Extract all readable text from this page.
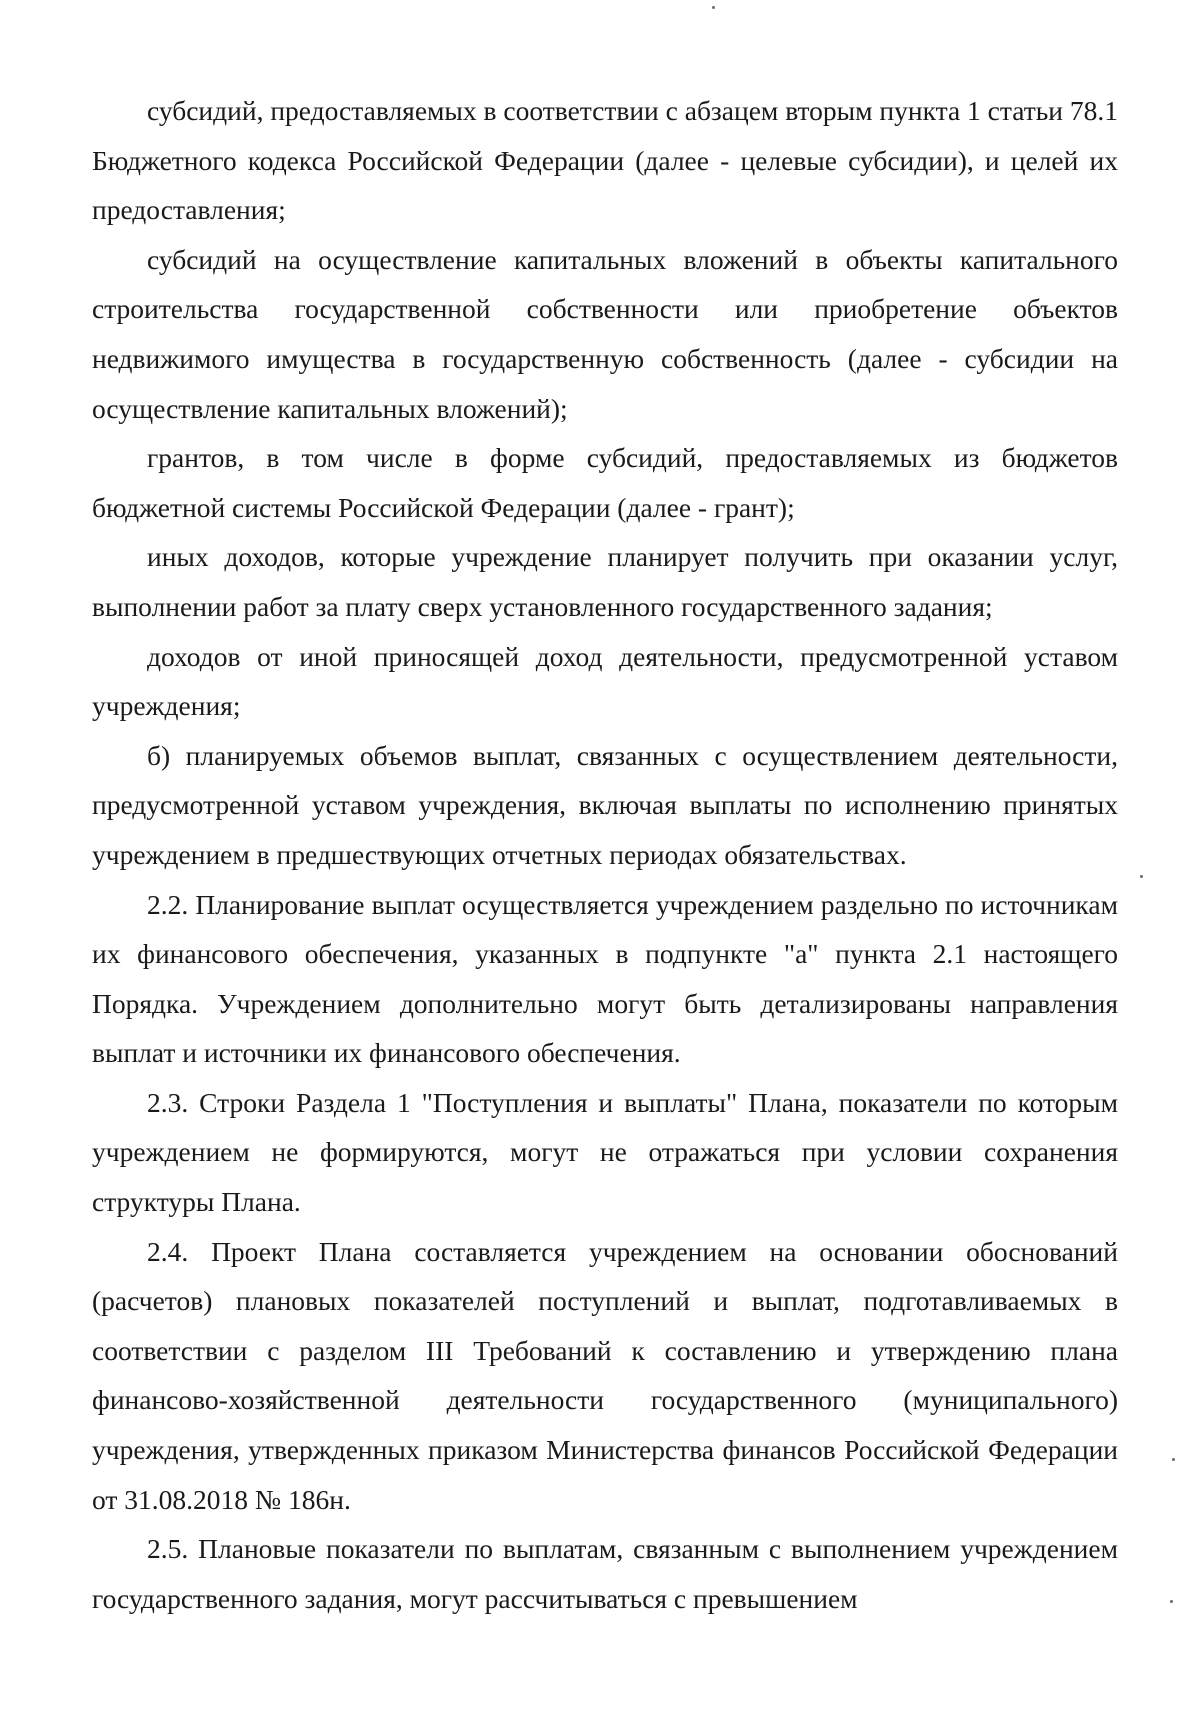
субсидий, предоставляемых в соответствии с абзацем вторым пункта 1 статьи 78.1 Бюджетного кодекса Российской Федерации (далее - целевые субсидии), и целей их предоставления;

субсидий на осуществление капитальных вложений в объекты капитального строительства государственной собственности или приобретение объектов недвижимого имущества в государственную собственность (далее - субсидии на осуществление капитальных вложений);

грантов, в том числе в форме субсидий, предоставляемых из бюджетов бюджетной системы Российской Федерации (далее - грант);

иных доходов, которые учреждение планирует получить при оказании услуг, выполнении работ за плату сверх установленного государственного задания;

доходов от иной приносящей доход деятельности, предусмотренной уставом учреждения;

б) планируемых объемов выплат, связанных с осуществлением деятельности, предусмотренной уставом учреждения, включая выплаты по исполнению принятых учреждением в предшествующих отчетных периодах обязательствах.

2.2. Планирование выплат осуществляется учреждением раздельно по источникам их финансового обеспечения, указанных в подпункте "а" пункта 2.1 настоящего Порядка. Учреждением дополнительно могут быть детализированы направления выплат и источники их финансового обеспечения.

2.3. Строки Раздела 1 "Поступления и выплаты" Плана, показатели по которым учреждением не формируются, могут не отражаться при условии сохранения структуры Плана.

2.4. Проект Плана составляется учреждением на основании обоснований (расчетов) плановых показателей поступлений и выплат, подготавливаемых в соответствии с разделом III Требований к составлению и утверждению плана финансово-хозяйственной деятельности государственного (муниципального) учреждения, утвержденных приказом Министерства финансов Российской Федерации от 31.08.2018 № 186н.

2.5. Плановые показатели по выплатам, связанным с выполнением учреждением государственного задания, могут рассчитываться с превышением
